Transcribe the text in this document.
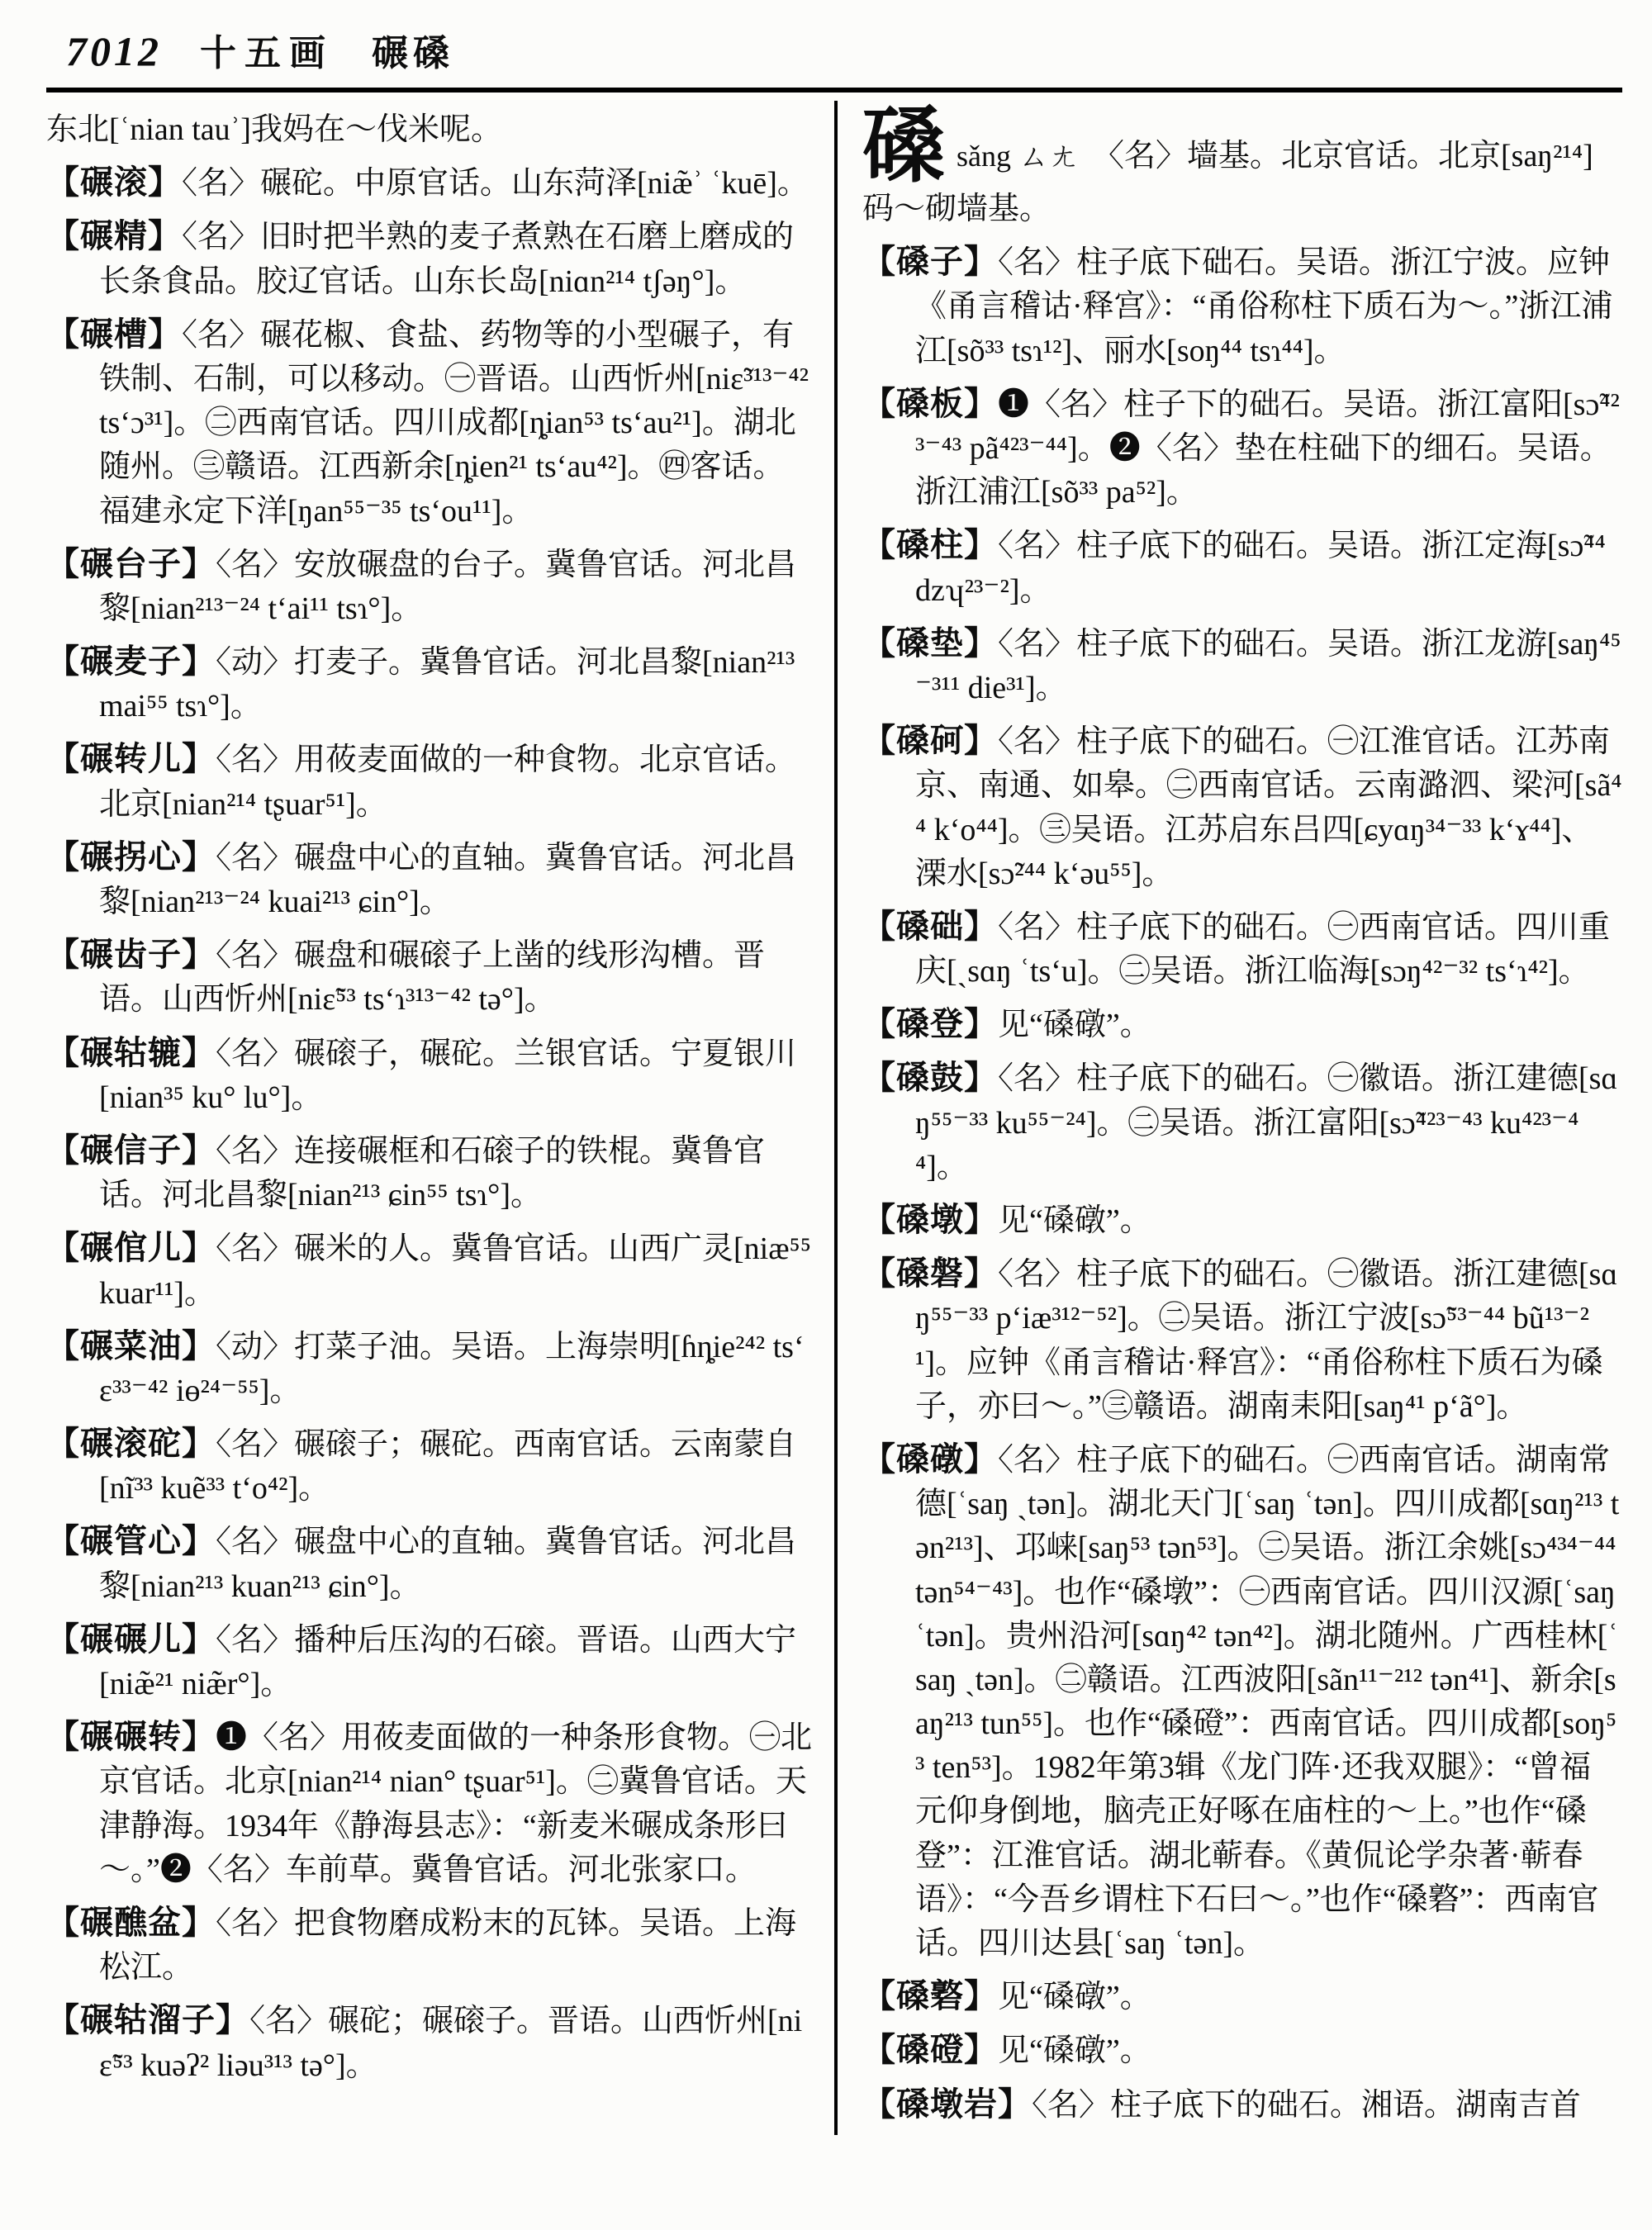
7012 十五画 碾磉

东北[ʿnian tauʾ]我妈在～伐米呢。

【碾滚】〈名〉碾砣。中原官话。山东菏泽[niæ̃ʾ ʿkuē]。

【碾精】〈名〉旧时把半熟的麦子煮熟在石磨上磨成的长条食品。胶辽官话。山东长岛[niɑn²¹⁴ tʃəŋ°]。

【碾槽】〈名〉碾花椒、食盐、药物等的小型碾子，有铁制、石制，可以移动。㊀晋语。山西忻州[niɛ̃³¹³⁻⁴² tsʻɔ³¹]。㊁西南官话。四川成都[ȵian⁵³ tsʻau²¹]。湖北随州。㊂赣语。江西新余[ȵien²¹ tsʻau⁴²]。㊃客话。福建永定下洋[ŋan⁵⁵⁻³⁵ tsʻou¹¹]。

【碾台子】〈名〉安放碾盘的台子。冀鲁官话。河北昌黎[nian²¹³⁻²⁴ tʻai¹¹ tsɿ°]。

【碾麦子】〈动〉打麦子。冀鲁官话。河北昌黎[nian²¹³ mai⁵⁵ tsɿ°]。

【碾转儿】〈名〉用莜麦面做的一种食物。北京官话。北京[nian²¹⁴ tʂuar⁵¹]。

【碾拐心】〈名〉碾盘中心的直轴。冀鲁官话。河北昌黎[nian²¹³⁻²⁴ kuai²¹³ ɕin°]。

【碾齿子】〈名〉碾盘和碾磙子上凿的线形沟槽。晋语。山西忻州[niɛ̃⁵³ tsʻɿ³¹³⁻⁴² tə°]。

【碾轱辘】〈名〉碾磙子，碾砣。兰银官话。宁夏银川[nian³⁵ ku° lu°]。

【碾信子】〈名〉连接碾框和石磙子的铁棍。冀鲁官话。河北昌黎[nian²¹³ ɕin⁵⁵ tsɿ°]。

【碾倌儿】〈名〉碾米的人。冀鲁官话。山西广灵[niæ⁵⁵ kuar¹¹]。

【碾菜油】〈动〉打菜子油。吴语。上海崇明[ɦȵie²⁴² tsʻɛ³³⁻⁴² iɵ²⁴⁻⁵⁵]。

【碾滚砣】〈名〉碾磙子；碾砣。西南官话。云南蒙自[nĩ³³ kuẽ³³ tʻo⁴²]。

【碾管心】〈名〉碾盘中心的直轴。冀鲁官话。河北昌黎[nian²¹³ kuan²¹³ ɕin°]。

【碾碾儿】〈名〉播种后压沟的石磙。晋语。山西大宁[niæ̃²¹ niæ̃r°]。

【碾碾转】❶〈名〉用莜麦面做的一种条形食物。㊀北京官话。北京[nian²¹⁴ nian° tʂuar⁵¹]。㊁冀鲁官话。天津静海。1934年《静海县志》：“新麦米碾成条形曰～。”❷〈名〉车前草。冀鲁官话。河北张家口。

【碾醮盆】〈名〉把食物磨成粉末的瓦钵。吴语。上海松江。

【碾轱溜子】〈名〉碾砣；碾磙子。晋语。山西忻州[niɛ̃⁵³ kuəʔ² liəu³¹³ tə°]。

磉sǎng ㄙㄤ 〈名〉墙基。北京官话。北京[saŋ²¹⁴]码～砌墙基。

【磉子】〈名〉柱子底下础石。吴语。浙江宁波。应钟《甬言稽诂·释宫》：“甬俗称柱下质石为～。”浙江浦江[sõ³³ tsɿ¹²]、丽水[soŋ⁴⁴ tsɿ⁴⁴]。

【磉板】❶〈名〉柱子下的础石。吴语。浙江富阳[sɔ̃⁴²³⁻⁴³ pã⁴²³⁻⁴⁴]。❷〈名〉垫在柱础下的细石。吴语。浙江浦江[sõ³³ pa⁵²]。

【磉柱】〈名〉柱子底下的础石。吴语。浙江定海[sɔ̃⁴⁴ dzʮ²³⁻²]。

【磉垫】〈名〉柱子底下的础石。吴语。浙江龙游[saŋ⁴⁵⁻³¹¹ die³¹]。

【磉砢】〈名〉柱子底下的础石。㊀江淮官话。江苏南京、南通、如皋。㊁西南官话。云南潞泗、梁河[sã⁴⁴ kʻo⁴⁴]。㊂吴语。江苏启东吕四[ɕyɑŋ³⁴⁻³³ kʻɤ⁴⁴]、溧水[sɔ̃²⁴⁴ kʻəu⁵⁵]。

【磉础】〈名〉柱子底下的础石。㊀西南官话。四川重庆[ˏsɑŋ ʿtsʻu]。㊁吴语。浙江临海[sɔŋ⁴²⁻³² tsʻɿ⁴²]。

【磉登】见“磉礅”。

【磉鼓】〈名〉柱子底下的础石。㊀徽语。浙江建德[sɑŋ⁵⁵⁻³³ ku⁵⁵⁻²⁴]。㊁吴语。浙江富阳[sɔ̃⁴²³⁻⁴³ ku⁴²³⁻⁴⁴]。

【磉墩】见“磉礅”。

【磉磐】〈名〉柱子底下的础石。㊀徽语。浙江建德[sɑŋ⁵⁵⁻³³ pʻiæ³¹²⁻⁵²]。㊁吴语。浙江宁波[sɔ̃⁵³⁻⁴⁴ bũ¹³⁻²¹]。应钟《甬言稽诂·释宫》：“甬俗称柱下质石为磉子，亦曰～。”㊂赣语。湖南耒阳[saŋ⁴¹ pʻã°]。

【磉礅】〈名〉柱子底下的础石。㊀西南官话。湖南常德[ʿsaŋ ˏtən]。湖北天门[ʿsaŋ ʿtən]。四川成都[sɑŋ²¹³ tən²¹³]、邛崃[saŋ⁵³ tən⁵³]。㊁吴语。浙江余姚[sɔ⁴³⁴⁻⁴⁴ tən⁵⁴⁻⁴³]。也作“磉墩”：㊀西南官话。四川汉源[ʿsaŋ ʿtən]。贵州沿河[sɑŋ⁴² tən⁴²]。湖北随州。广西桂林[ʿsaŋ ˏtən]。㊁赣语。江西波阳[sãn¹¹⁻²¹² tən⁴¹]、新余[saŋ²¹³ tun⁵⁵]。也作“磉磴”：西南官话。四川成都[soŋ⁵³ ten⁵³]。1982年第3辑《龙门阵·还我双腿》：“曾福元仰身倒地，脑壳正好啄在庙柱的～上。”也作“磉登”：江淮官话。湖北蕲春。《黄侃论学杂著·蕲春语》：“今吾乡谓柱下石曰～。”也作“磉䃦”：西南官话。四川达县[ʿsaŋ ʿtən]。

【磉䃦】见“磉礅”。

【磉磴】见“磉礅”。

【磉墩岩】〈名〉柱子底下的础石。湘语。湖南吉首
